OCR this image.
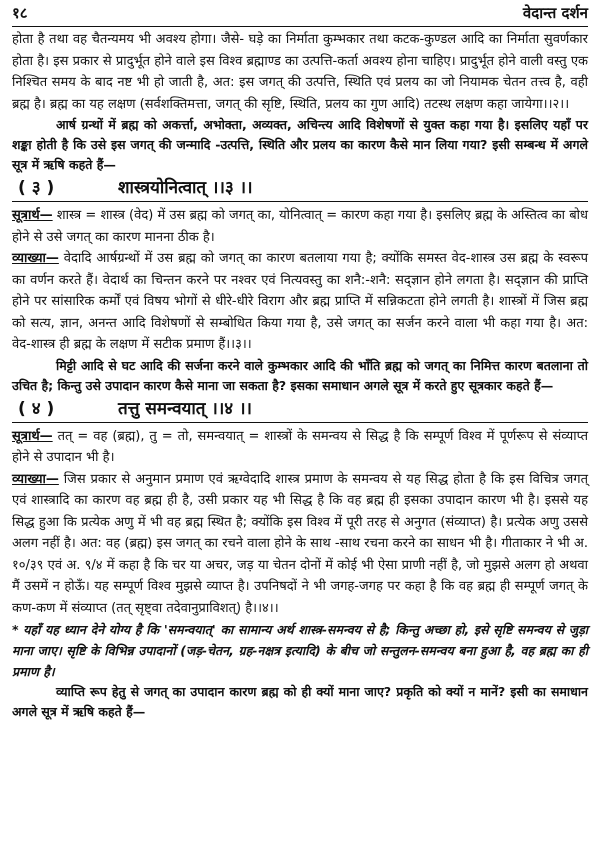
१८	वेदान्त दर्शन

होता है तथा वह चैतन्यमय भी अवश्य होगा। जैसे- घड़े का निर्माता कुम्भकार तथा कटक-कुण्डल आदि का निर्माता सुवर्णकार होता है। इस प्रकार से प्रादुर्भूत होने वाले इस विश्व ब्रह्माण्ड का उत्पत्ति-कर्ता अवश्य होना चाहिए। प्रादुर्भूत होने वाली वस्तु एक निश्चित समय के बाद नष्ट भी हो जाती है, अत: इस जगत् की उत्पत्ति, स्थिति एवं प्रलय का जो नियामक चेतन तत्त्व है, वही ब्रह्म है। ब्रह्म का यह लक्षण (सर्वशक्तिमत्ता, जगत् की सृष्टि, स्थिति, प्रलय का गुण आदि) तटस्थ लक्षण कहा जायेगा।।२।।

आर्ष ग्रन्थों में ब्रह्म को अकर्त्ता, अभोक्ता, अव्यक्त, अचिन्त्य आदि विशेषणों से युक्त कहा गया है। इसलिए यहाँ पर शङ्का होती है कि उसे इस जगत् की जन्मादि -उत्पत्ति, स्थिति और प्रलय का कारण कैसे मान लिया गया? इसी सम्बन्ध में अगले सूत्र में ऋषि कहते हैं—

( ३ )	शास्त्रयोनित्वात् ।।३ ।।

सूत्रार्थ— शास्त्र = शास्त्र (वेद) में उस ब्रह्म को जगत् का, योनित्वात् = कारण कहा गया है। इसलिए ब्रह्म के अस्तित्व का बोध होने से उसे जगत् का कारण मानना ठीक है।

व्याख्या— वेदादि आर्षग्रन्थों में उस ब्रह्म को जगत् का कारण बतलाया गया है; क्योंकि समस्त वेद-शास्त्र उस ब्रह्म के स्वरूप का वर्णन करते हैं। वेदार्थ का चिन्तन करने पर नश्वर एवं नित्यवस्तु का शनै:-शनै: सद्ज्ञान होने लगता है। सद्ज्ञान की प्राप्ति होने पर सांसारिक कर्मों एवं विषय भोगों से धीरे-धीरे विराग और ब्रह्म प्राप्ति में सन्निकटता होने लगती है। शास्त्रों में जिस ब्रह्म को सत्य, ज्ञान, अनन्त आदि विशेषणों से सम्बोधित किया गया है, उसे जगत् का सर्जन करने वाला भी कहा गया है। अत: वेद-शास्त्र ही ब्रह्म के लक्षण में सटीक प्रमाण हैं।।३।।

मिट्टी आदि से घट आदि की सर्जना करने वाले कुम्भकार आदि की भाँति ब्रह्म को जगत् का निमित्त कारण बतलाना तो उचित है; किन्तु उसे उपादान कारण कैसे माना जा सकता है? इसका समाधान अगले सूत्र में करते हुए सूत्रकार कहते हैं—

( ४ )	तत्तु समन्वयात् ।।४ ।।

सूत्रार्थ— तत् = वह (ब्रह्म), तु = तो, समन्वयात् = शास्त्रों के समन्वय से सिद्ध है कि सम्पूर्ण विश्व में पूर्णरूप से संव्याप्त होने से उपादान भी है।

व्याख्या— जिस प्रकार से अनुमान प्रमाण एवं ऋग्वेदादि शास्त्र प्रमाण के समन्वय से यह सिद्ध होता है कि इस विचित्र जगत् एवं शास्त्रादि का कारण वह ब्रह्म ही है, उसी प्रकार यह भी सिद्ध है कि वह ब्रह्म ही इसका उपादान कारण भी है। इससे यह सिद्ध हुआ कि प्रत्येक अणु में भी वह ब्रह्म स्थित है; क्योंकि इस विश्व में पूरी तरह से अनुगत (संव्याप्त) है। प्रत्येक अणु उससे अलग नहीं है। अत: वह (ब्रह्म) इस जगत् का रचने वाला होने के साथ -साथ रचना करने का साधन भी है। गीताकार ने भी अ. १०/३९ एवं अ. ९/४ में कहा है कि चर या अचर, जड़ या चेतन दोनों में कोई भी ऐसा प्राणी नहीं है, जो मुझसे अलग हो अथवा मैं उसमें न होऊँ। यह सम्पूर्ण विश्व मुझसे व्याप्त है। उपनिषदों ने भी जगह-जगह पर कहा है कि वह ब्रह्म ही सम्पूर्ण जगत् के कण-कण में संव्याप्त (तत् सृष्ट्वा तदेवानुप्राविशत्) है।।४।।

* यहाँ यह ध्यान देने योग्य है कि 'समन्वयात्' का सामान्य अर्थ शास्त्र-समन्वय से है; किन्तु अच्छा हो, इसे सृष्टि समन्वय से जुड़ा माना जाए। सृष्टि के विभिन्न उपादानों (जड़-चेतन, ग्रह-नक्षत्र इत्यादि) के बीच जो सन्तुलन-समन्वय बना हुआ है, वह ब्रह्म का ही प्रमाण है।

व्याप्ति रूप हेतु से जगत् का उपादान कारण ब्रह्म को ही क्यों माना जाए? प्रकृति को क्यों न मानें? इसी का समाधान अगले सूत्र में ऋषि कहते हैं—
